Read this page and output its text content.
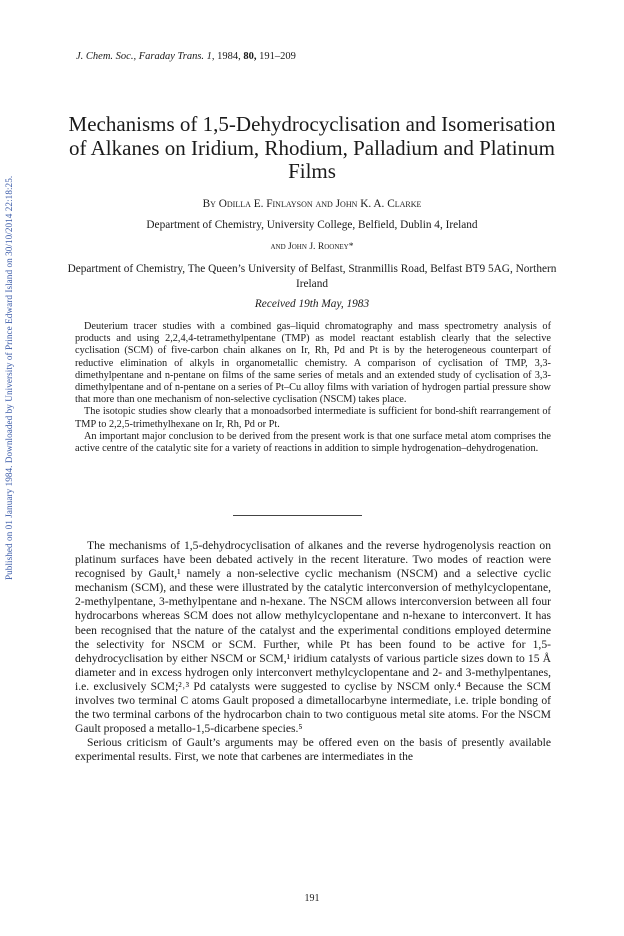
Published on 01 January 1984. Downloaded by University of Prince Edward Island on 30/10/2014 22:18:25.
J. Chem. Soc., Faraday Trans. 1, 1984, 80, 191–209
Mechanisms of 1,5-Dehydrocyclisation and Isomerisation of Alkanes on Iridium, Rhodium, Palladium and Platinum Films
By Odilla E. Finlayson and John K. A. Clarke
Department of Chemistry, University College, Belfield, Dublin 4, Ireland
and John J. Rooney*
Department of Chemistry, The Queen’s University of Belfast, Stranmillis Road, Belfast BT9 5AG, Northern Ireland
Received 19th May, 1983

Deuterium tracer studies with a combined gas–liquid chromatography and mass spectrometry analysis of products and using 2,2,4,4-tetramethylpentane (TMP) as model reactant establish clearly that the selective cyclisation (SCM) of five-carbon chain alkanes on Ir, Rh, Pd and Pt is by the heterogeneous counterpart of reductive elimination of alkyls in organometallic chemistry. A comparison of cyclisation of TMP, 3,3-dimethylpentane and n-pentane on films of the same series of metals and an extended study of cyclisation of 3,3-dimethylpentane and of n-pentane on a series of Pt–Cu alloy films with variation of hydrogen partial pressure show that more than one mechanism of non-selective cyclisation (NSCM) takes place.

The isotopic studies show clearly that a monoadsorbed intermediate is sufficient for bond-shift rearrangement of TMP to 2,2,5-trimethylhexane on Ir, Rh, Pd or Pt.

An important major conclusion to be derived from the present work is that one surface metal atom comprises the active centre of the catalytic site for a variety of reactions in addition to simple hydrogenation–dehydrogenation.

The mechanisms of 1,5-dehydrocyclisation of alkanes and the reverse hydrogenolysis reaction on platinum surfaces have been debated actively in the recent literature. Two modes of reaction were recognised by Gault,¹ namely a non-selective cyclic mechanism (NSCM) and a selective cyclic mechanism (SCM), and these were illustrated by the catalytic interconversion of methylcyclopentane, 2-methylpentane, 3-methylpentane and n-hexane. The NSCM allows interconversion between all four hydrocarbons whereas SCM does not allow methylcyclopentane and n-hexane to interconvert. It has been recognised that the nature of the catalyst and the experimental conditions employed determine the selectivity for NSCM or SCM. Further, while Pt has been found to be active for 1,5-dehydrocyclisation by either NSCM or SCM,¹ iridium catalysts of various particle sizes down to 15 Å diameter and in excess hydrogen only interconvert methylcyclopentane and 2- and 3-methylpentanes, i.e. exclusively SCM;²˒³ Pd catalysts were suggested to cyclise by NSCM only.⁴ Because the SCM involves two terminal C atoms Gault proposed a dimetallocarbyne intermediate, i.e. triple bonding of the two terminal carbons of the hydrocarbon chain to two contiguous metal site atoms. For the NSCM Gault proposed a metallo-1,5-dicarbene species.⁵

Serious criticism of Gault’s arguments may be offered even on the basis of presently available experimental results. First, we note that carbenes are intermediates in the

191
